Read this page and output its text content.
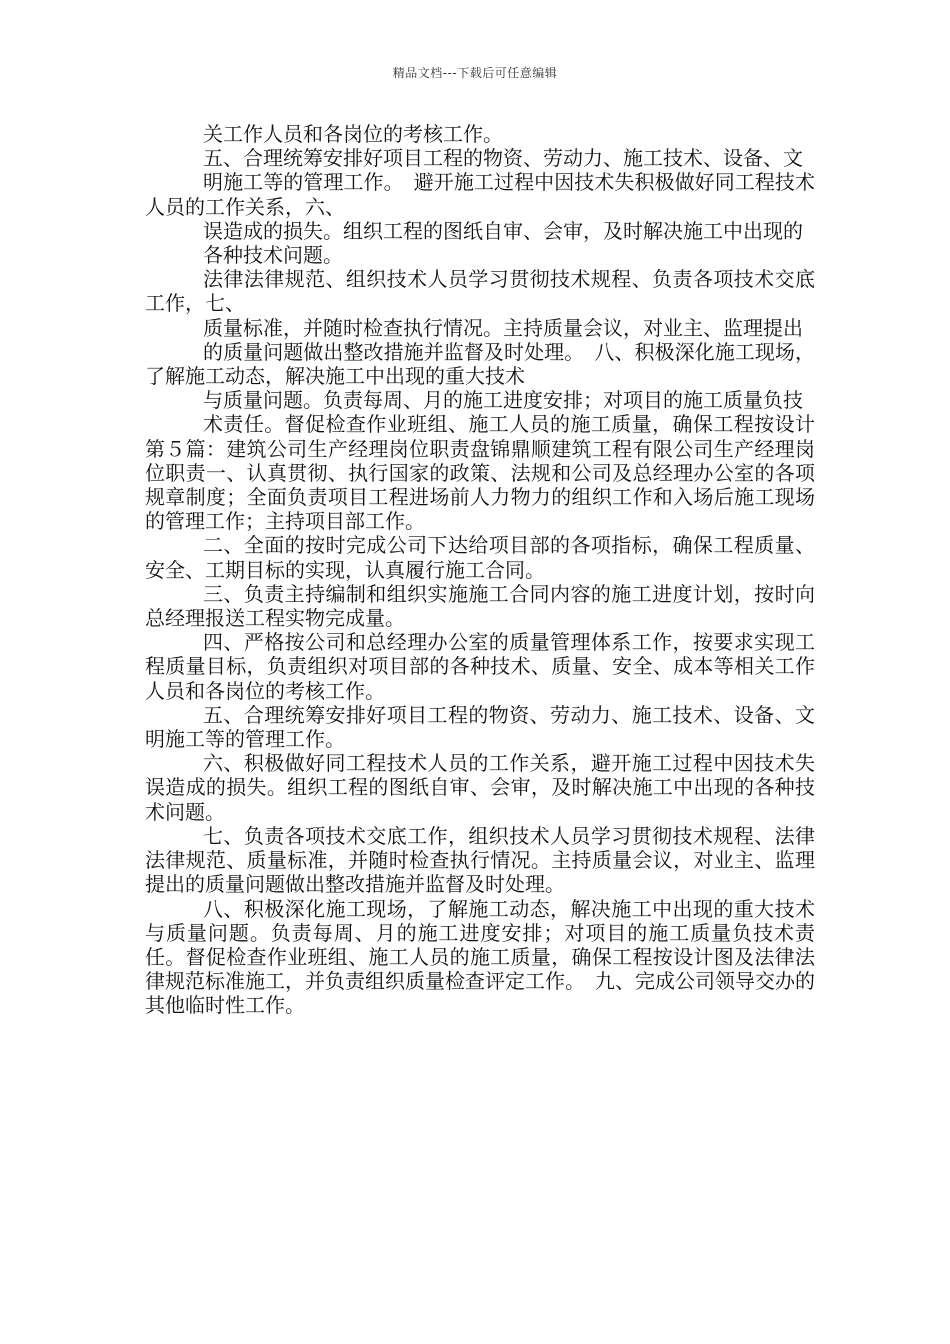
精品文档---下载后可任意编辑

关工作人员和各岗位的考核工作。

五、合理统筹安排好项目工程的物资、劳动力、施工技术、设备、文

明施工等的管理工作。　避开施工过程中因技术失积极做好同工程技术人员的工作关系，六、

误造成的损失。组织工程的图纸自审、会审，及时解决施工中出现的

各种技术问题。

法律法律规范、组织技术人员学习贯彻技术规程、负责各项技术交底工作，七、

质量标准，并随时检查执行情况。主持质量会议，对业主、监理提出

的质量问题做出整改措施并监督及时处理。　八、积极深化施工现场，了解施工动态，解决施工中出现的重大技术

与质量问题。负责每周、月的施工进度安排；对项目的施工质量负技

术责任。督促检查作业班组、施工人员的施工质量，确保工程按设计第５篇：建筑公司生产经理岗位职责盘锦鼎顺建筑工程有限公司生产经理岗位职责一、认真贯彻、执行国家的政策、法规和公司及总经理办公室的各项规章制度；全面负责项目工程进场前人力物力的组织工作和入场后施工现场的管理工作；主持项目部工作。

二、全面的按时完成公司下达给项目部的各项指标，确保工程质量、安全、工期目标的实现，认真履行施工合同。

三、负责主持编制和组织实施施工合同内容的施工进度计划，按时向总经理报送工程实物完成量。

四、严格按公司和总经理办公室的质量管理体系工作，按要求实现工程质量目标，负责组织对项目部的各种技术、质量、安全、成本等相关工作人员和各岗位的考核工作。

五、合理统筹安排好项目工程的物资、劳动力、施工技术、设备、文明施工等的管理工作。

六、积极做好同工程技术人员的工作关系，避开施工过程中因技术失误造成的损失。组织工程的图纸自审、会审，及时解决施工中出现的各种技术问题。

七、负责各项技术交底工作，组织技术人员学习贯彻技术规程、法律法律规范、质量标准，并随时检查执行情况。主持质量会议，对业主、监理提出的质量问题做出整改措施并监督及时处理。

八、积极深化施工现场，了解施工动态，解决施工中出现的重大技术与质量问题。负责每周、月的施工进度安排；对项目的施工质量负技术责任。督促检查作业班组、施工人员的施工质量，确保工程按设计图及法律法律规范标准施工，并负责组织质量检查评定工作。　九、完成公司领导交办的其他临时性工作。
